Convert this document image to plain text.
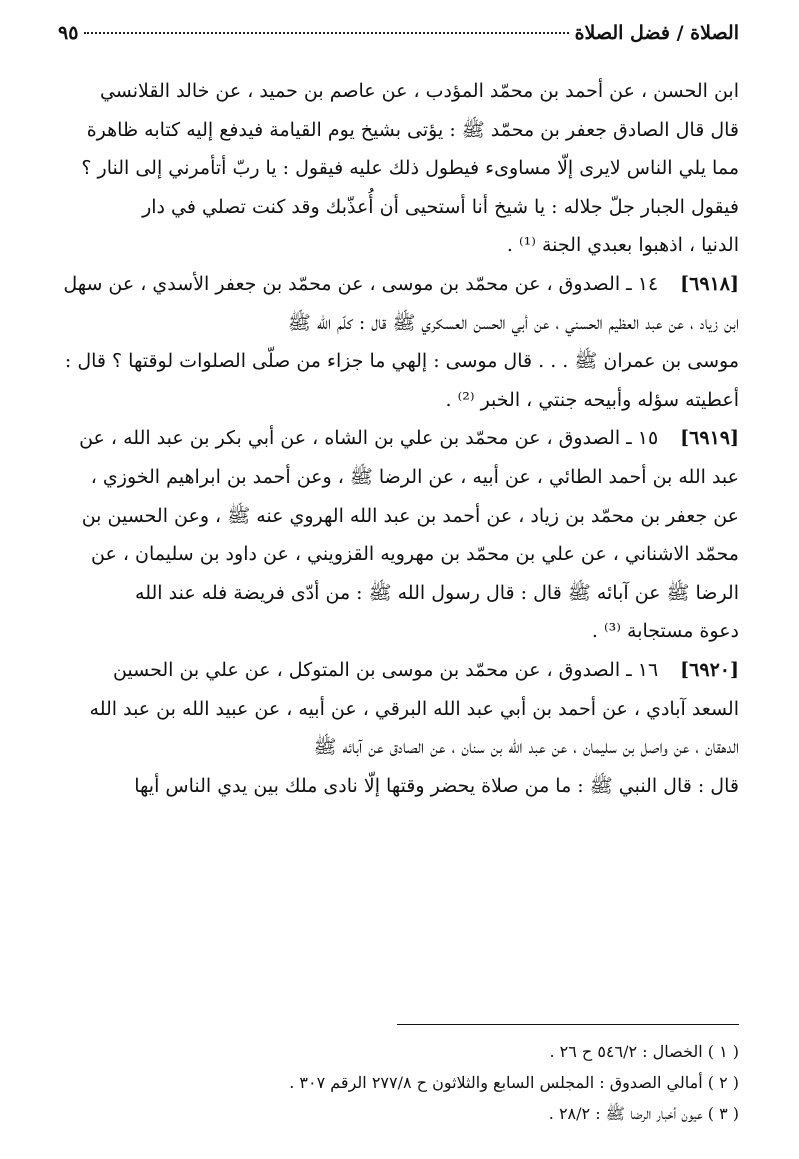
الصلاة / فضل الصلاة
٩٥

ابن الحسن ، عن أحمد بن محمّد المؤدب ، عن عاصم بن حميد ، عن خالد القلانسي

قال قال الصادق جعفر بن محمّد ﷺ : يؤتى بشيخ يوم القيامة فيدفع إليه كتابه ظاهرة

مما يلي الناس لايرى إلّا مساوىء فيطول ذلك عليه فيقول : يا ربّ أتأمرني إلى النار ؟

فيقول الجبار جلّ جلاله : يا شيخ أنا أستحيى أن أُعذّبك وقد كنت تصلي في دار

الدنيا ، اذهبوا بعبدي الجنة ⁽¹⁾ .

[٦٩١٨]
١٤ ـ الصدوق ، عن محمّد بن موسى ، عن محمّد بن جعفر الأسدي ، عن سهل

ابن زياد ، عن عبد العظيم الحسني ، عن أبي الحسن العسكري ﷺ قال : كلّم الله ﷺ

موسى بن عمران ﷺ . . . قال موسى : إلهي ما جزاء من صلّى الصلوات لوقتها ؟ قال :

أعطيته سؤله وأبيحه جنتي ، الخبر ⁽²⁾ .

[٦٩١٩]
١٥ ـ الصدوق ، عن محمّد بن علي بن الشاه ، عن أبي بكر بن عبد الله ، عن

عبد الله بن أحمد الطائي ، عن أبيه ، عن الرضا ﷺ ، وعن أحمد بن ابراهيم الخوزي ،

عن جعفر بن محمّد بن زياد ، عن أحمد بن عبد الله الهروي عنه ﷺ ، وعن الحسين بن

محمّد الاشناني ، عن علي بن محمّد بن مهرويه القزويني ، عن داود بن سليمان ، عن

الرضا ﷺ عن آبائه ﷺ قال : قال رسول الله ﷺ : من أدّى فريضة فله عند الله

دعوة مستجابة ⁽³⁾ .

[٦٩٢٠]
١٦ ـ الصدوق ، عن محمّد بن موسى بن المتوكل ، عن علي بن الحسين

السعد آبادي ، عن أحمد بن أبي عبد الله البرقي ، عن أبيه ، عن عبيد الله بن عبد الله

الدهقان ، عن واصل بن سليمان ، عن عبد الله بن سنان ، عن الصادق عن آبائه ﷺ

قال : قال النبي ﷺ : ما من صلاة يحضر وقتها إلّا نادى ملك بين يدي الناس أيها

( ١ ) الخصال : ٥٤٦/٢ ح ٢٦ .
( ٢ ) أمالي الصدوق : المجلس السابع والثلاثون ح ٢٧٧/٨ الرقم ٣٠٧ .
( ٣ ) عيون أخبار الرضا ﷺ : ٢٨/٢ .
